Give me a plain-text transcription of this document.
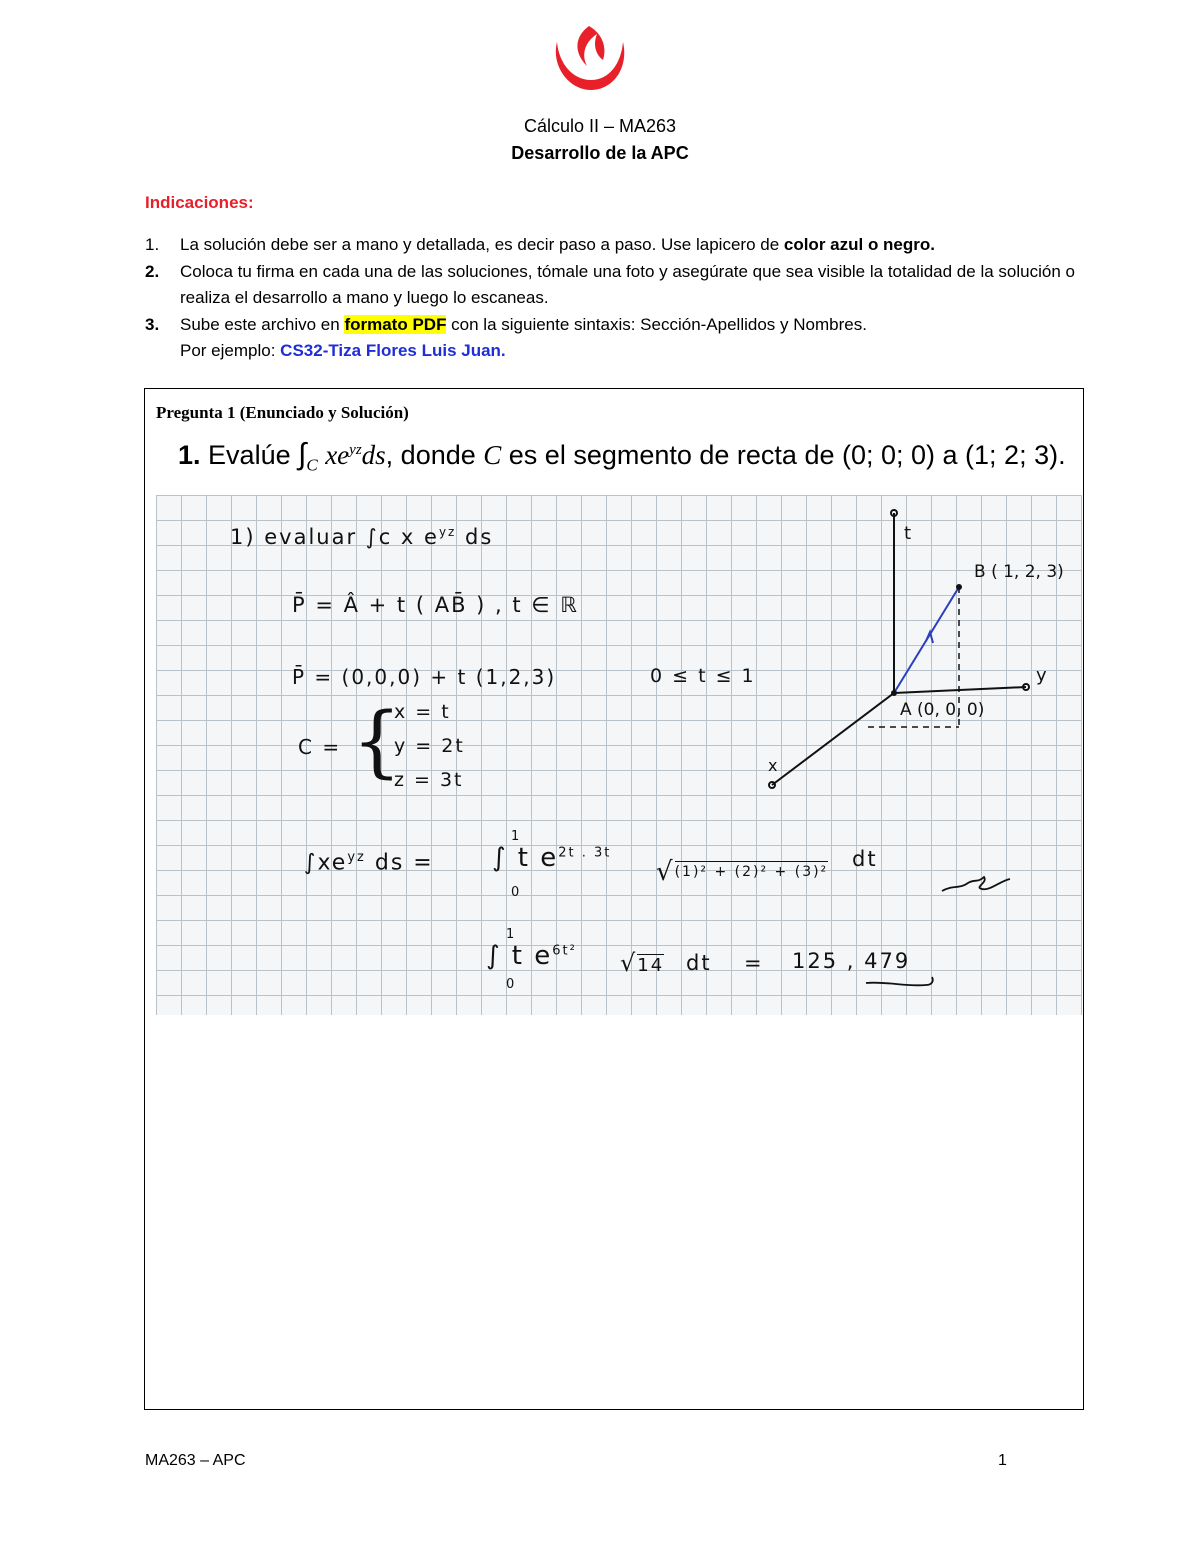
Cálculo II – MA263
Desarrollo de la APC
Indicaciones:
1. La solución debe ser a mano y detallada, es decir paso a paso. Use lapicero de color azul o negro.
2. Coloca tu firma en cada una de las soluciones, tómale una foto y asegúrate que sea visible la totalidad de la solución o realiza el desarrollo a mano y luego lo escaneas.
3. Sube este archivo en formato PDF con la siguiente sintaxis: Sección-Apellidos y Nombres.
Por ejemplo: CS32-Tiza Flores Luis Juan.
Pregunta 1 (Enunciado y Solución)
1. Evalúe $\int_C$ $xe^{yz}ds$, donde C es el segmento de recta de (0; 0; 0) a (1; 2; 3).
1) evaluar ∫c x $e^{yz}$ ds
P̄ = Â + t ( AB̄ ) , t ∈ ℝ
P̄ = (0,0,0) + t (1,2,3)	0 ≤ t ≤ 1
C = {
x = t
y = 2t
z = 3t
$\int xe^{yz}$ ds =
1
0
∫ t $e^{2t . 3t}$
√(1)² + (2)² + (3)²
dt
1
0
∫ t $e^{6t^2}$ √14 dt = 125 , 479
t
y
x
B ( 1, 2, 3)
A (0, 0, 0)
MA263 – APC	1
